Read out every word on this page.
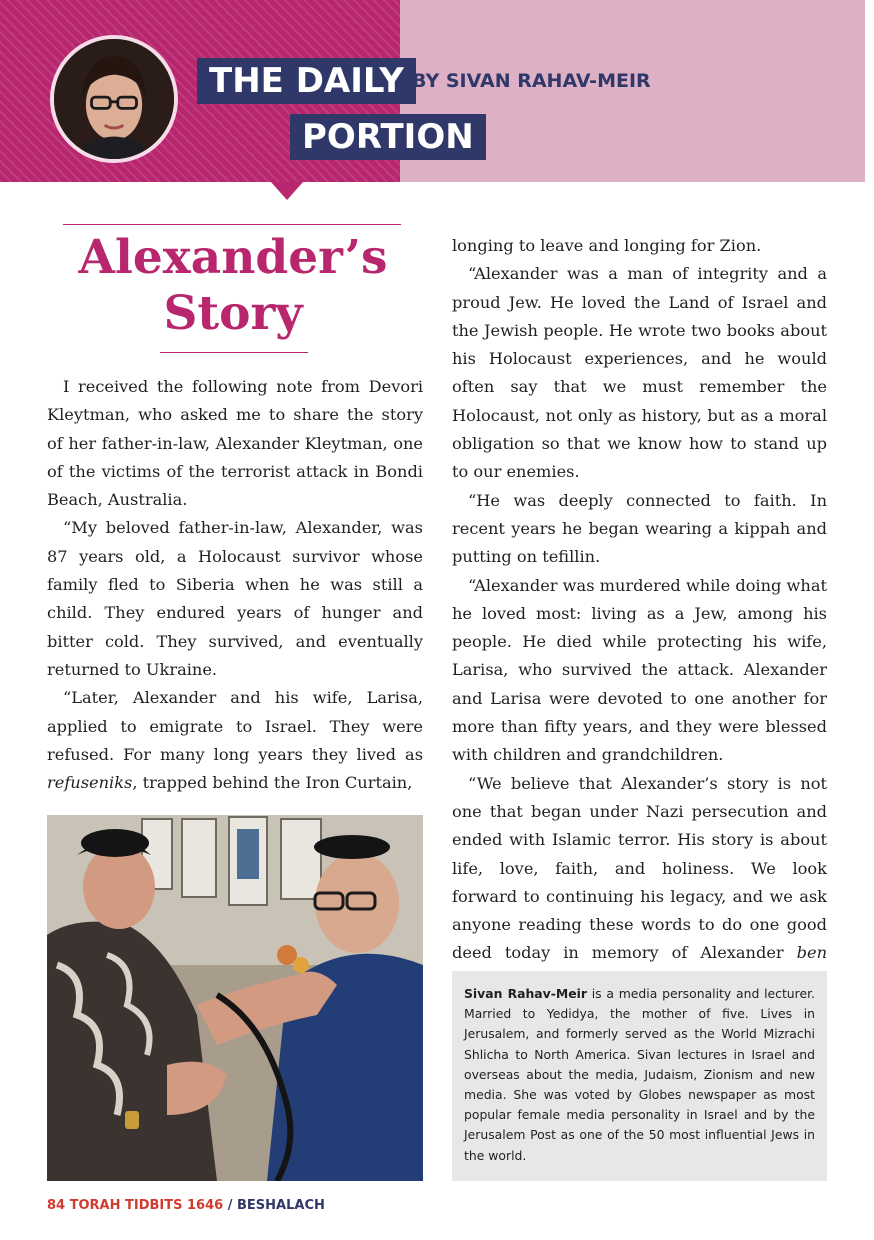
THE DAILY
PORTION
BY SIVAN RAHAV-MEIR
Alexander’s
Story

I received the following note from Devori Kleytman, who asked me to share the story of her father-in-law, Alexander Kleytman, one of the victims of the terrorist attack in Bondi Beach, Australia.

“My beloved father-in-law, Alexander, was 87 years old, a Holocaust survivor whose family fled to Siberia when he was still a child. They endured years of hunger and bitter cold. They survived, and eventually returned to Ukraine.

“Later, Alexander and his wife, Larisa, applied to emigrate to Israel. They were refused. For many long years they lived as refuseniks, trapped behind the Iron Curtain,

longing to leave and longing for Zion.

“Alexander was a man of integrity and a proud Jew. He loved the Land of Israel and the Jewish people. He wrote two books about his Holocaust experiences, and he would often say that we must remember the Holocaust, not only as history, but as a moral obligation so that we know how to stand up to our enemies.

“He was deeply connected to faith. In recent years he began wearing a kippah and putting on tefillin.

“Alexander was murdered while doing what he loved most: living as a Jew, among his people. He died while protecting his wife, Larisa, who survived the attack. Alexander and Larisa were devoted to one another for more than fifty years, and they were blessed with children and grandchildren.

“We believe that Alexander’s story is not one that began under Nazi persecution and ended with Islamic terror. His story is about life, love, faith, and holiness. We look forward to continuing his legacy, and we ask anyone reading these words to do one good deed today in memory of Alexander ben

Sivan Rahav-Meir is a media personality and lecturer. Married to Yedidya, the mother of five. Lives in Jerusalem, and formerly served as the World Mizrachi Shlicha to North America. Sivan lectures in Israel and overseas about the media, Judaism, Zionism and new media. She was voted by Globes newspaper as most popular female media personality in Israel and by the Jerusalem Post as one of the 50 most influential Jews in the world.
84 TORAH TIDBITS 1646 / BESHALACH
